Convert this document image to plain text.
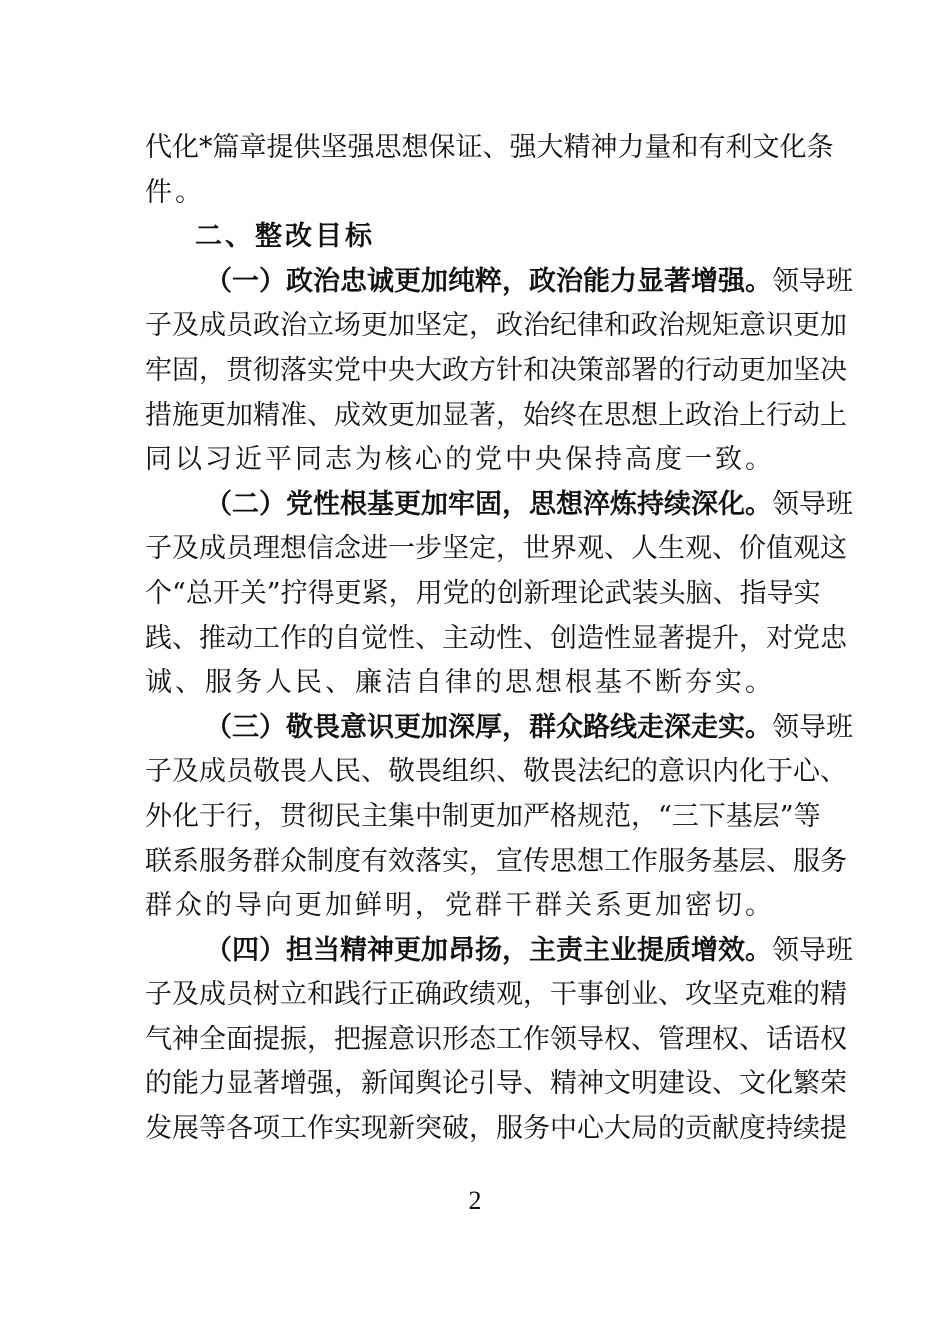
代化*篇章提供坚强思想保证、强大精神力量和有利文化条
件。
二、整改目标
（一）政治忠诚更加纯粹，政治能力显著增强。领导班
子及成员政治立场更加坚定，政治纪律和政治规矩意识更加
牢固，贯彻落实党中央大政方针和决策部署的行动更加坚决
措施更加精准、成效更加显著，始终在思想上政治上行动上
同以习近平同志为核心的党中央保持高度一致。
（二）党性根基更加牢固，思想淬炼持续深化。领导班
子及成员理想信念进一步坚定，世界观、人生观、价值观这
个“总开关”拧得更紧，用党的创新理论武装头脑、指导实
践、推动工作的自觉性、主动性、创造性显著提升，对党忠
诚、服务人民、廉洁自律的思想根基不断夯实。
（三）敬畏意识更加深厚，群众路线走深走实。领导班
子及成员敬畏人民、敬畏组织、敬畏法纪的意识内化于心、
外化于行，贯彻民主集中制更加严格规范，“三下基层”等
联系服务群众制度有效落实，宣传思想工作服务基层、服务
群众的导向更加鲜明，党群干群关系更加密切。
（四）担当精神更加昂扬，主责主业提质增效。领导班
子及成员树立和践行正确政绩观，干事创业、攻坚克难的精
气神全面提振，把握意识形态工作领导权、管理权、话语权
的能力显著增强，新闻舆论引导、精神文明建设、文化繁荣
发展等各项工作实现新突破，服务中心大局的贡献度持续提
2
